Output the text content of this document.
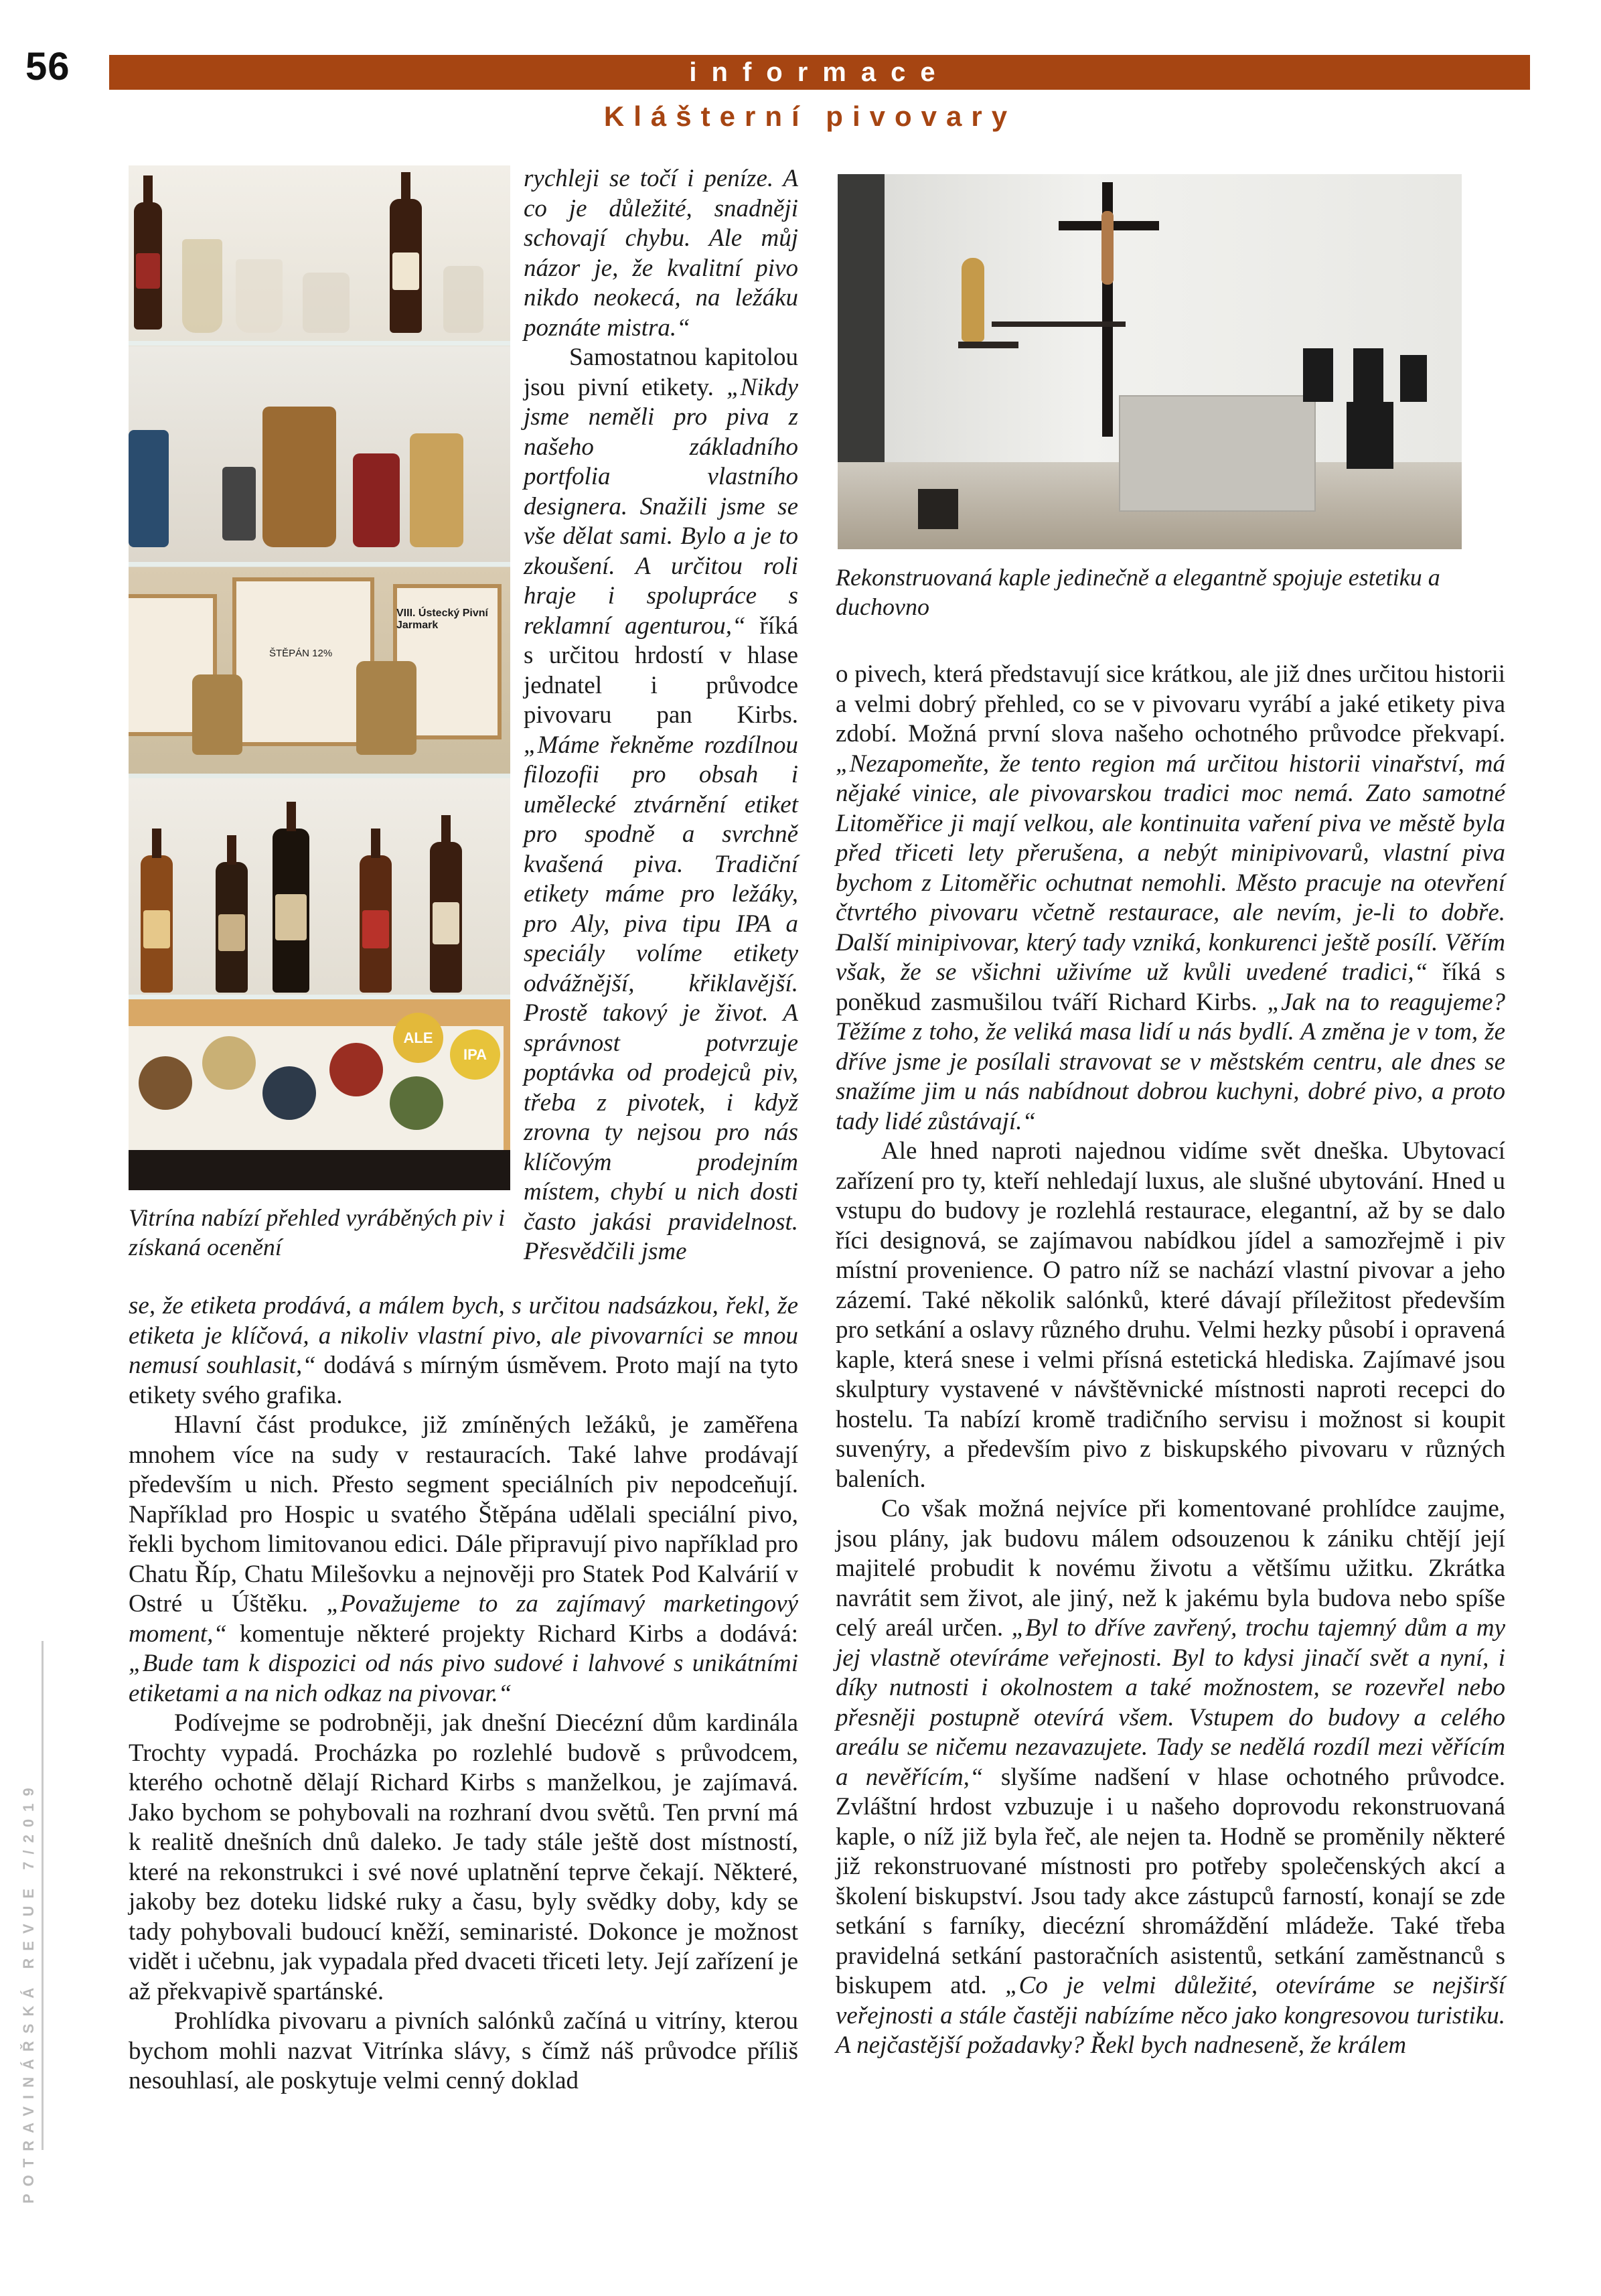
56	informace
Klášterní pivovary
POTRAVINÁŘSKÁ REVUE 7/2019
VIII. Ústecký Pivní Jarmark
ŠTĚPÁN 12%
ALE
IPA
Vitrína nabízí přehled vyráběných piv i získaná ocenění
Rekonstruovaná kaple jedinečně a elegantně spojuje estetiku a duchovno

rychleji se točí i peníze. A co je důležité, snadněji schovají chybu. Ale můj názor je, že kvalitní pivo nikdo neokecá, na ležáku poznáte mistra.“

Samostatnou kapitolou jsou pivní etikety. „Nikdy jsme neměli pro piva z našeho základního portfolia vlastního designera. Snažili jsme se vše dělat sami. Bylo a je to zkoušení. A určitou roli hraje i spolupráce s reklamní agenturou,“ říká s určitou hrdostí v hlase jednatel i průvodce pivovaru pan Kirbs. „Máme řekněme rozdílnou filozofii pro obsah i umělecké ztvárnění etiket pro spodně a svrchně kvašená piva. Tradiční etikety máme pro ležáky, pro Aly, piva tipu IPA a speciály volíme etikety odvážnější, křiklavější. Prostě takový je život. A správnost potvrzuje poptávka od prodejců piv, třeba z pivotek, i když zrovna ty nejsou pro nás klíčovým prodejním místem, chybí u nich dosti často jakási pravidelnost. Přesvědčili jsme

se, že etiketa prodává, a málem bych, s určitou nadsázkou, řekl, že etiketa je klíčová, a nikoliv vlastní pivo, ale pivovarníci se mnou nemusí souhlasit,“ dodává s mírným úsměvem. Proto mají na tyto etikety svého grafika.

Hlavní část produkce, již zmíněných ležáků, je zaměřena mnohem více na sudy v restauracích. Také lahve prodávají především u nich. Přesto segment speciálních piv nepodceňují. Například pro Hospic u svatého Štěpána udělali speciální pivo, řekli bychom limitovanou edici. Dále připravují pivo například pro Chatu Říp, Chatu Milešovku a nejnověji pro Statek Pod Kalvárií v Ostré u Úštěku. „Považujeme to za zajímavý marketingový moment,“ komentuje některé projekty Richard Kirbs a dodává: „Bude tam k dispozici od nás pivo sudové i lahvové s unikátními etiketami a na nich odkaz na pivovar.“

Podívejme se podrobněji, jak dnešní Diecézní dům kardinála Trochty vypadá. Procházka po rozlehlé budově s průvodcem, kterého ochotně dělají Richard Kirbs s manželkou, je zajímavá. Jako bychom se pohybovali na rozhraní dvou světů. Ten první má k realitě dnešních dnů daleko. Je tady stále ještě dost místností, které na rekonstrukci i své nové uplatnění teprve čekají. Některé, jakoby bez doteku lidské ruky a času, byly svědky doby, kdy se tady pohybovali budoucí kněží, seminaristé. Dokonce je možnost vidět i učebnu, jak vypadala před dvaceti třiceti lety. Její zařízení je až překvapivě spartánské.

Prohlídka pivovaru a pivních salónků začíná u vitríny, kterou bychom mohli nazvat Vitrínka slávy, s čímž náš průvodce příliš nesouhlasí, ale poskytuje velmi cenný doklad

o pivech, která představují sice krátkou, ale již dnes určitou historii a velmi dobrý přehled, co se v pivovaru vyrábí a jaké etikety piva zdobí. Možná první slova našeho ochotného průvodce překvapí. „Nezapomeňte, že tento region má určitou historii vinařství, má nějaké vinice, ale pivovarskou tradici moc nemá. Zato samotné Litoměřice ji mají velkou, ale kontinuita vaření piva ve městě byla před třiceti lety přerušena, a nebýt minipivovarů, vlastní piva bychom z Litoměřic ochutnat nemohli. Město pracuje na otevření čtvrtého pivovaru včetně restaurace, ale nevím, je-li to dobře. Další minipivovar, který tady vzniká, konkurenci ještě posílí. Věřím však, že se všichni uživíme už kvůli uvedené tradici,“ říká s poněkud zasmušilou tváří Richard Kirbs. „Jak na to reagujeme? Těžíme z toho, že veliká masa lidí u nás bydlí. A změna je v tom, že dříve jsme je posílali stravovat se v městském centru, ale dnes se snažíme jim u nás nabídnout dobrou kuchyni, dobré pivo, a proto tady lidé zůstávají.“

Ale hned naproti najednou vidíme svět dneška. Ubytovací zařízení pro ty, kteří nehledají luxus, ale slušné ubytování. Hned u vstupu do budovy je rozlehlá restaurace, elegantní, až by se dalo říci designová, se zajímavou nabídkou jídel a samozřejmě i piv místní provenience. O patro níž se nachází vlastní pivovar a jeho zázemí. Také několik salónků, které dávají příležitost především pro setkání a oslavy různého druhu. Velmi hezky působí i opravená kaple, která snese i velmi přísná estetická hlediska. Zajímavé jsou skulptury vystavené v návštěvnické místnosti naproti recepci do hostelu. Ta nabízí kromě tradičního servisu i možnost si koupit suvenýry, a především pivo z biskupského pivovaru v různých baleních.

Co však možná nejvíce při komentované prohlídce zaujme, jsou plány, jak budovu málem odsouzenou k zániku chtějí její majitelé probudit k novému životu a většímu užitku. Zkrátka navrátit sem život, ale jiný, než k jakému byla budova nebo spíše celý areál určen. „Byl to dříve zavřený, trochu tajemný dům a my jej vlastně otevíráme veřejnosti. Byl to kdysi jinačí svět a nyní, i díky nutnosti i okolnostem a také možnostem, se rozevřel nebo přesněji postupně otevírá všem. Vstupem do budovy a celého areálu se ničemu nezavazujete. Tady se nedělá rozdíl mezi věřícím a nevěřícím,“ slyšíme nadšení v hlase ochotného průvodce. Zvláštní hrdost vzbuzuje i u našeho doprovodu rekonstruovaná kaple, o níž již byla řeč, ale nejen ta. Hodně se proměnily některé již rekonstruované místnosti pro potřeby společenských akcí a školení biskupství. Jsou tady akce zástupců farností, konají se zde setkání s farníky, diecézní shromáždění mládeže. Také třeba pravidelná setkání pastoračních asistentů, setkání zaměstnanců s biskupem atd. „Co je velmi důležité, otevíráme se nejširší veřejnosti a stále častěji nabízíme něco jako kongresovou turistiku. A nejčastější požadavky? Řekl bych nadneseně, že králem
